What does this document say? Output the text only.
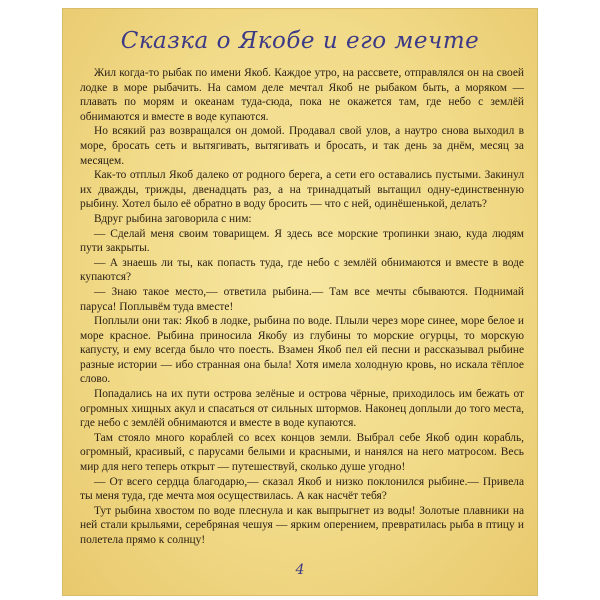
Сказка о Якобе и его мечте

Жил когда-то рыбак по имени Якоб. Каждое утро, на рассвете, отправлялся он на своей лодке в море рыбачить. На самом деле мечтал Якоб не рыбаком быть, а моряком — плавать по морям и океанам туда-сюда, пока не окажется там, где небо с землёй обнимаются и вместе в воде купаются.

Но всякий раз возвращался он домой. Продавал свой улов, а наутро снова выходил в море, бросать сеть и вытягивать, вытягивать и бросать, и так день за днём, месяц за месяцем.

Как-то отплыл Якоб далеко от родного берега, а сети его оставались пустыми. Закинул их дважды, трижды, двенадцать раз, а на тринадцатый вытащил одну-единственную рыбину. Хотел было её обратно в воду бросить — что с ней, одинёшенькой, делать?

Вдруг рыбина заговорила с ним:

— Сделай меня своим товарищем. Я здесь все морские тропинки знаю, куда людям пути закрыты.

— А знаешь ли ты, как попасть туда, где небо с землёй обнимаются и вместе в воде купаются?

— Знаю такое место,— ответила рыбина.— Там все мечты сбываются. Поднимай паруса! Поплывём туда вместе!

Поплыли они так: Якоб в лодке, рыбина по воде. Плыли через море синее, море белое и море красное. Рыбина приносила Якобу из глубины то морские огурцы, то морскую капусту, и ему всегда было что поесть. Взамен Якоб пел ей песни и рассказывал рыбине разные истории — ибо странная она была! Хотя имела холодную кровь, но искала тёплое слово.

Попадались на их пути острова зелёные и острова чёрные, приходилось им бежать от огромных хищных акул и спасаться от сильных штормов. Наконец доплыли до того места, где небо с землёй обнимаются и вместе в воде купаются.

Там стояло много кораблей со всех концов земли. Выбрал себе Якоб один корабль, огромный, красивый, с парусами белыми и красными, и нанялся на него матросом. Весь мир для него теперь открыт — путешествуй, сколько душе угодно!

— От всего сердца благодарю,— сказал Якоб и низко поклонился рыбине.— Привела ты меня туда, где мечта моя осуществилась. А как насчёт тебя?

Тут рыбина хвостом по воде плеснула и как выпрыгнет из воды! Золотые плавники на ней стали крыльями, серебряная чешуя — ярким оперением, превратилась рыба в птицу и полетела прямо к солнцу!

4
